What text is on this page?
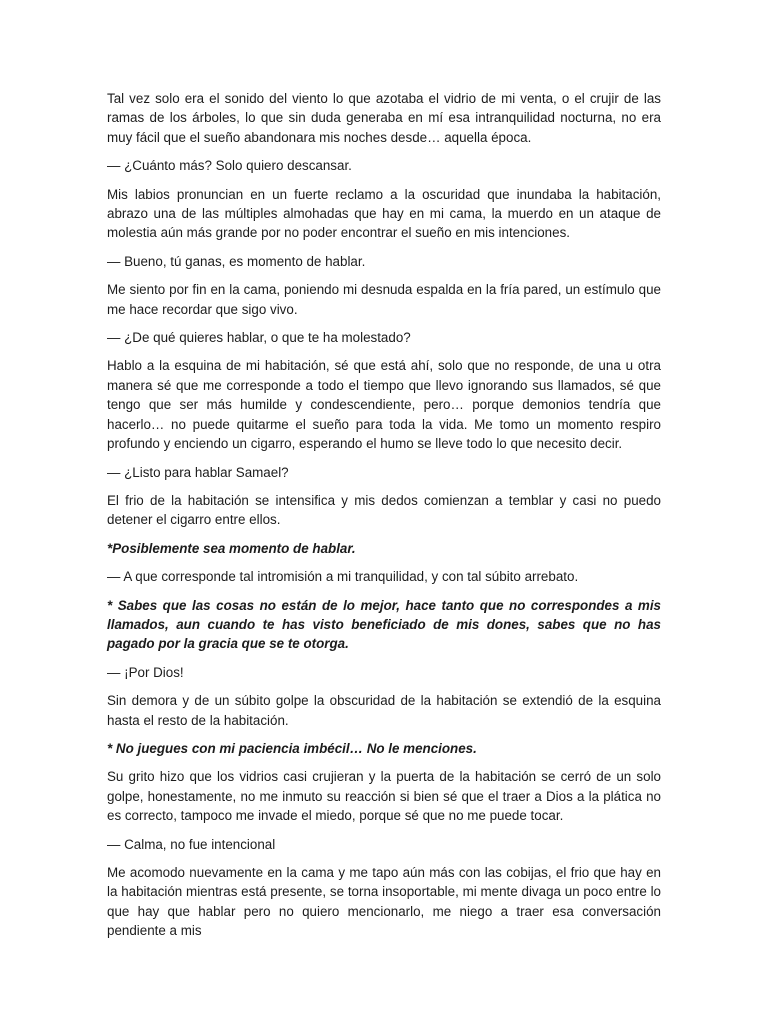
Tal vez solo era el sonido del viento lo que azotaba el vidrio de mi venta, o el crujir de las ramas de los árboles, lo que sin duda generaba en mí esa intranquilidad nocturna, no era muy fácil que el sueño abandonara mis noches desde… aquella época.

— ¿Cuánto más? Solo quiero descansar.

Mis labios pronuncian en un fuerte reclamo a la oscuridad que inundaba la habitación, abrazo una de las múltiples almohadas que hay en mi cama, la muerdo en un ataque de molestia aún más grande por no poder encontrar el sueño en mis intenciones.

— Bueno, tú ganas, es momento de hablar.

Me siento por fin en la cama, poniendo mi desnuda espalda en la fría pared, un estímulo que me hace recordar que sigo vivo.

— ¿De qué quieres hablar, o que te ha molestado?

Hablo a la esquina de mi habitación, sé que está ahí, solo que no responde, de una u otra manera sé que me corresponde a todo el tiempo que llevo ignorando sus llamados, sé que tengo que ser más humilde y condescendiente, pero… porque demonios tendría que hacerlo… no puede quitarme el sueño para toda la vida. Me tomo un momento respiro profundo y enciendo un cigarro, esperando el humo se lleve todo lo que necesito decir.

— ¿Listo para hablar Samael?

El frio de la habitación se intensifica y mis dedos comienzan a temblar y casi no puedo detener el cigarro entre ellos.

*Posiblemente sea momento de hablar.

— A que corresponde tal intromisión a mi tranquilidad, y con tal súbito arrebato.

* Sabes que las cosas no están de lo mejor, hace tanto que no correspondes a mis llamados, aun cuando te has visto beneficiado de mis dones, sabes que no has pagado por la gracia que se te otorga.

— ¡Por Dios!

Sin demora y de un súbito golpe la obscuridad de la habitación se extendió de la esquina hasta el resto de la habitación.

* No juegues con mi paciencia imbécil… No le menciones.

Su grito hizo que los vidrios casi crujieran y la puerta de la habitación se cerró de un solo golpe, honestamente, no me inmuto su reacción si bien sé que el traer a Dios a la plática no es correcto, tampoco me invade el miedo, porque sé que no me puede tocar.

— Calma, no fue intencional

Me acomodo nuevamente en la cama y me tapo aún más con las cobijas, el frio que hay en la habitación mientras está presente, se torna insoportable, mi mente divaga un poco entre lo que hay que hablar pero no quiero mencionarlo, me niego a traer esa conversación pendiente a mis
